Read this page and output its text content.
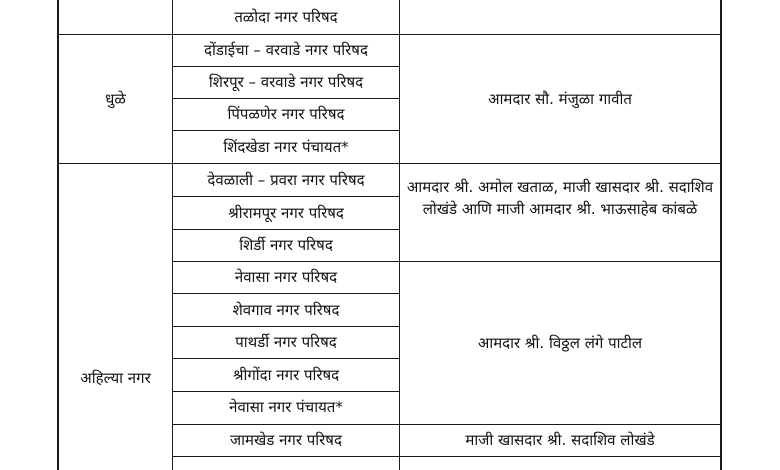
तळोदा नगर परिषद
धुळे
दोंडाईचा – वरवाडे नगर परिषद
शिरपूर – वरवाडे नगर परिषद
पिंपळणेर नगर परिषद
शिंदखेडा नगर पंचायत*
आमदार सौ. मंजुळा गावीत
अहिल्या नगर
देवळाली – प्रवरा नगर परिषद
श्रीरामपूर नगर परिषद
शिर्डी नगर परिषद
नेवासा नगर परिषद
शेवगाव नगर परिषद
पाथर्डी नगर परिषद
श्रीगोंदा नगर परिषद
नेवासा नगर पंचायत*
जामखेड नगर परिषद
आमदार श्री. अमोल खताळ, माजी खासदार श्री. सदाशिव लोखंडे आणि माजी आमदार श्री. भाऊसाहेब कांबळे
आमदार श्री. विठ्ठल लंगे पाटील
माजी खासदार श्री. सदाशिव लोखंडे
